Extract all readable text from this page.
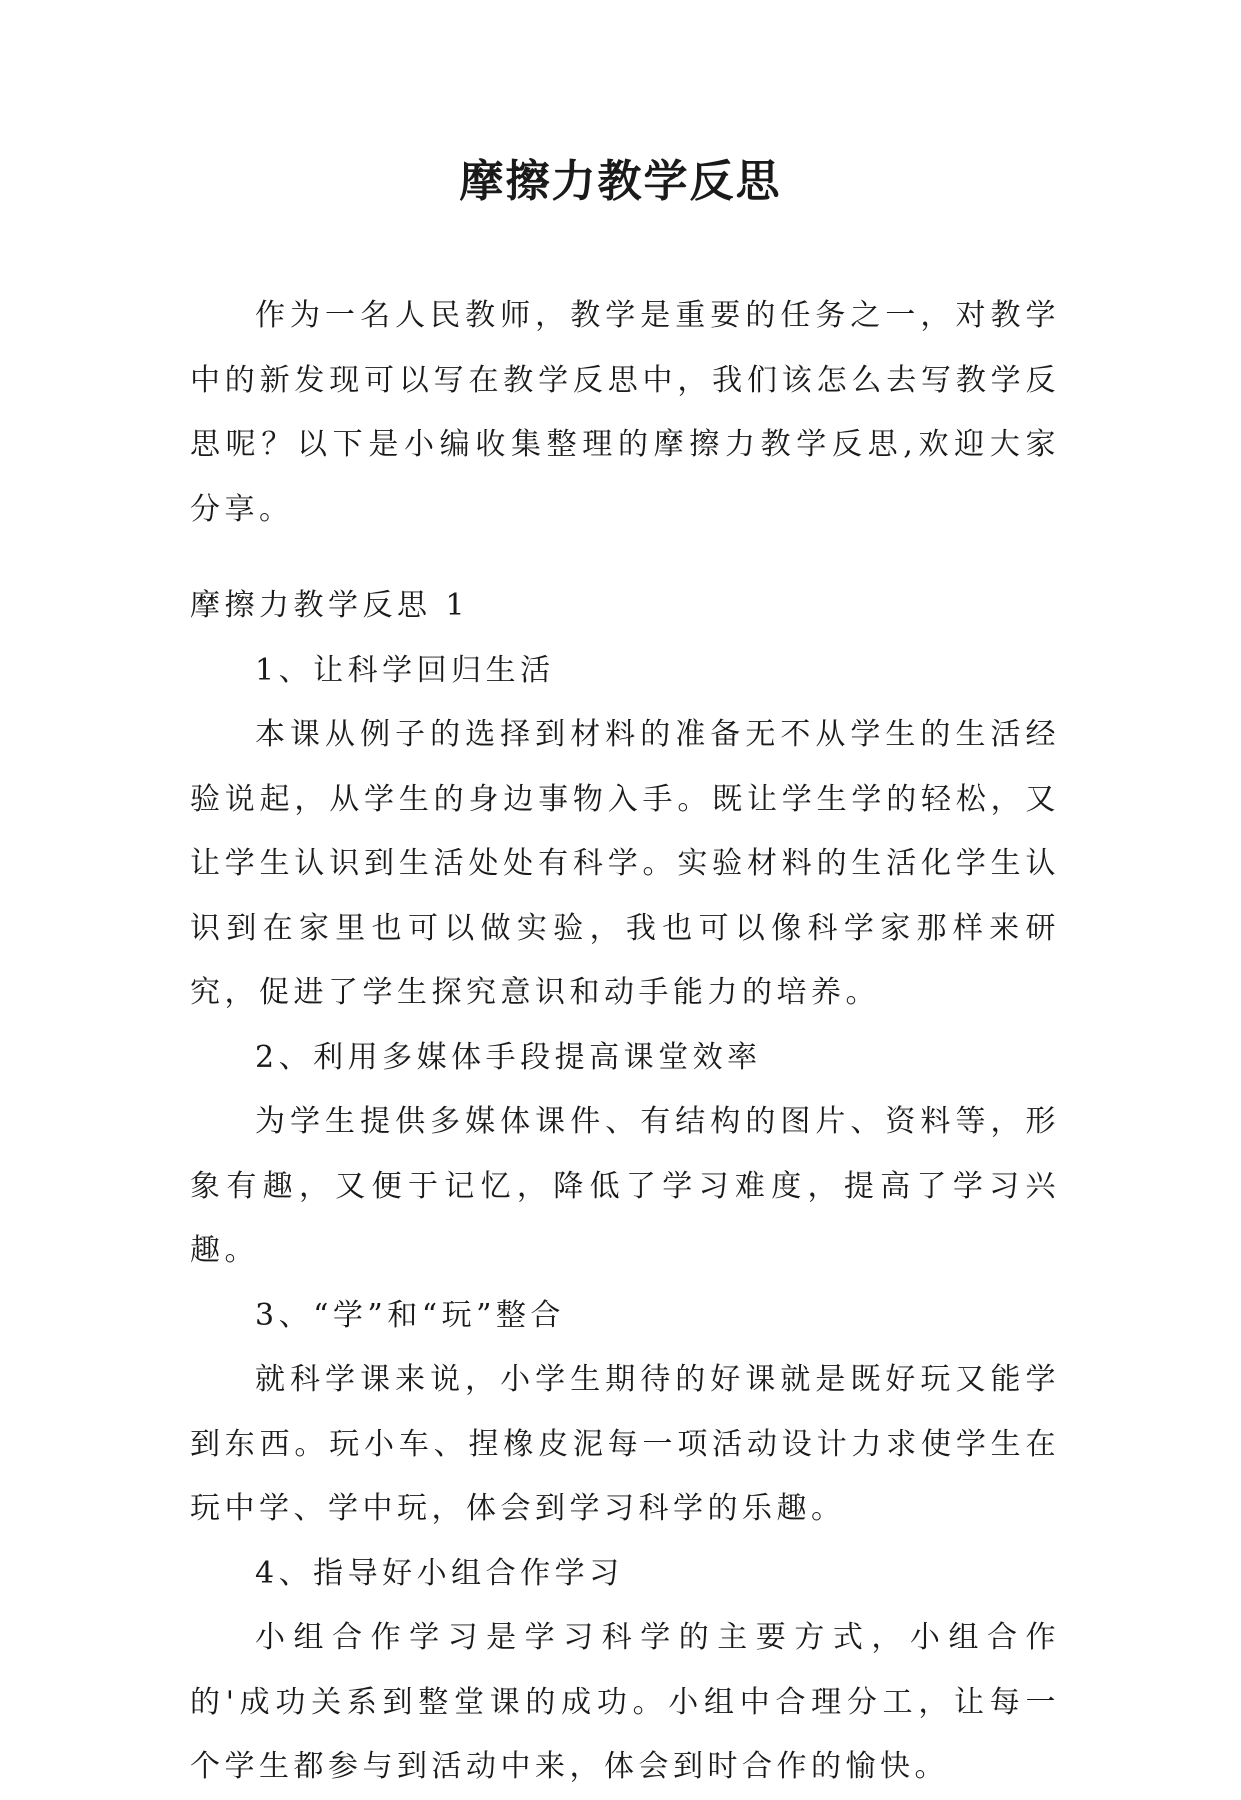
摩擦力教学反思

作为一名人民教师，教学是重要的任务之一，对教学中的新发现可以写在教学反思中，我们该怎么去写教学反思呢？以下是小编收集整理的摩擦力教学反思,欢迎大家分享。

摩擦力教学反思 1

1、让科学回归生活

本课从例子的选择到材料的准备无不从学生的生活经验说起，从学生的身边事物入手。既让学生学的轻松，又让学生认识到生活处处有科学。实验材料的生活化学生认识到在家里也可以做实验，我也可以像科学家那样来研究，促进了学生探究意识和动手能力的培养。

2、利用多媒体手段提高课堂效率

为学生提供多媒体课件、有结构的图片、资料等，形象有趣，又便于记忆，降低了学习难度，提高了学习兴趣。

3、“学”和“玩”整合

就科学课来说，小学生期待的好课就是既好玩又能学到东西。玩小车、捏橡皮泥每一项活动设计力求使学生在玩中学、学中玩，体会到学习科学的乐趣。

4、指导好小组合作学习

小组合作学习是学习科学的主要方式，小组合作的'成功关系到整堂课的成功。小组中合理分工，让每一个学生都参与到活动中来，体会到时合作的愉快。
